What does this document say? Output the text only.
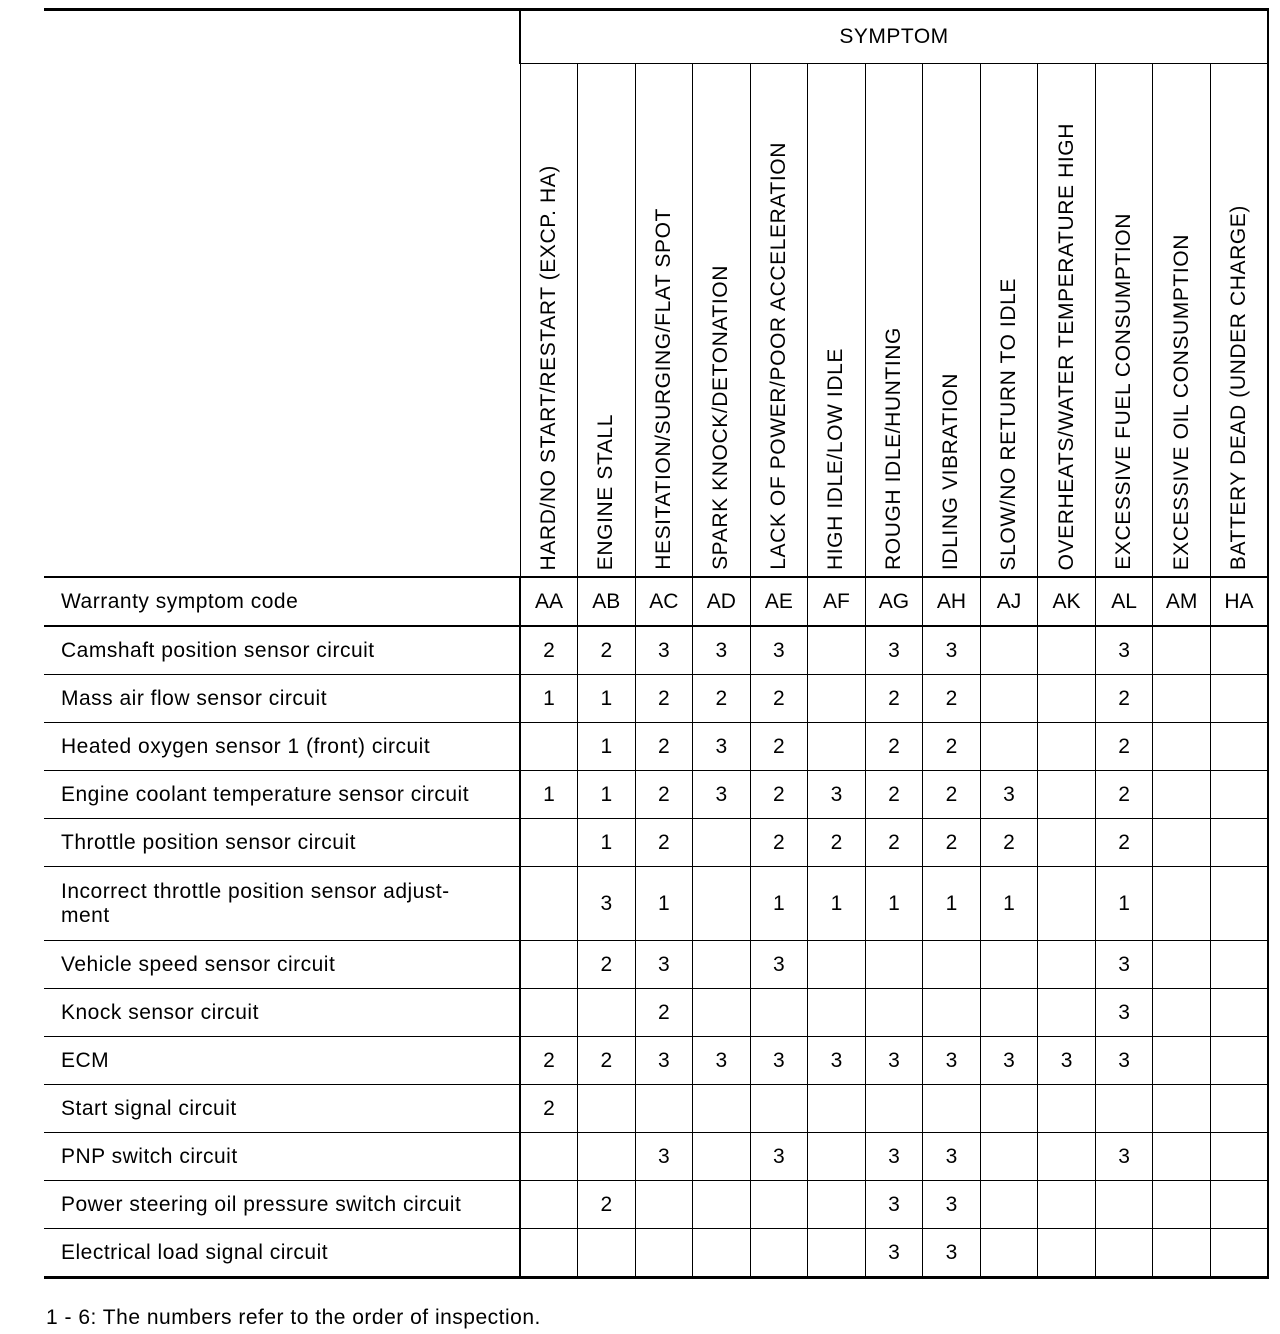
	SYMPTOM												
	HARD/NO START/RESTART (EXCP. HA)	ENGINE STALL	HESITATION/SURGING/FLAT SPOT	SPARK KNOCK/DETONATION	LACK OF POWER/POOR ACCELERATION	HIGH IDLE/LOW IDLE	ROUGH IDLE/HUNTING	IDLING VIBRATION	SLOW/NO RETURN TO IDLE	OVERHEATS/WATER TEMPERATURE HIGH	EXCESSIVE FUEL CONSUMPTION	EXCESSIVE OIL CONSUMPTION	BATTERY DEAD (UNDER CHARGE)
Warranty symptom code	AA	AB	AC	AD	AE	AF	AG	AH	AJ	AK	AL	AM	HA
Camshaft position sensor circuit	2	2	3	3	3		3	3			3		
Mass air flow sensor circuit	1	1	2	2	2		2	2			2		
Heated oxygen sensor 1 (front) circuit		1	2	3	2		2	2			2		
Engine coolant temperature sensor circuit	1	1	2	3	2	3	2	2	3		2		
Throttle position sensor circuit		1	2		2	2	2	2	2		2		
Incorrect throttle position sensor adjust-
ment		3	1		1	1	1	1	1		1		
Vehicle speed sensor circuit		2	3		3						3		
Knock sensor circuit			2								3		
ECM	2	2	3	3	3	3	3	3	3	3	3		
Start signal circuit	2												
PNP switch circuit			3		3		3	3			3		
Power steering oil pressure switch circuit		2					3	3					
Electrical load signal circuit							3	3					
1 - 6: The numbers refer to the order of inspection.
